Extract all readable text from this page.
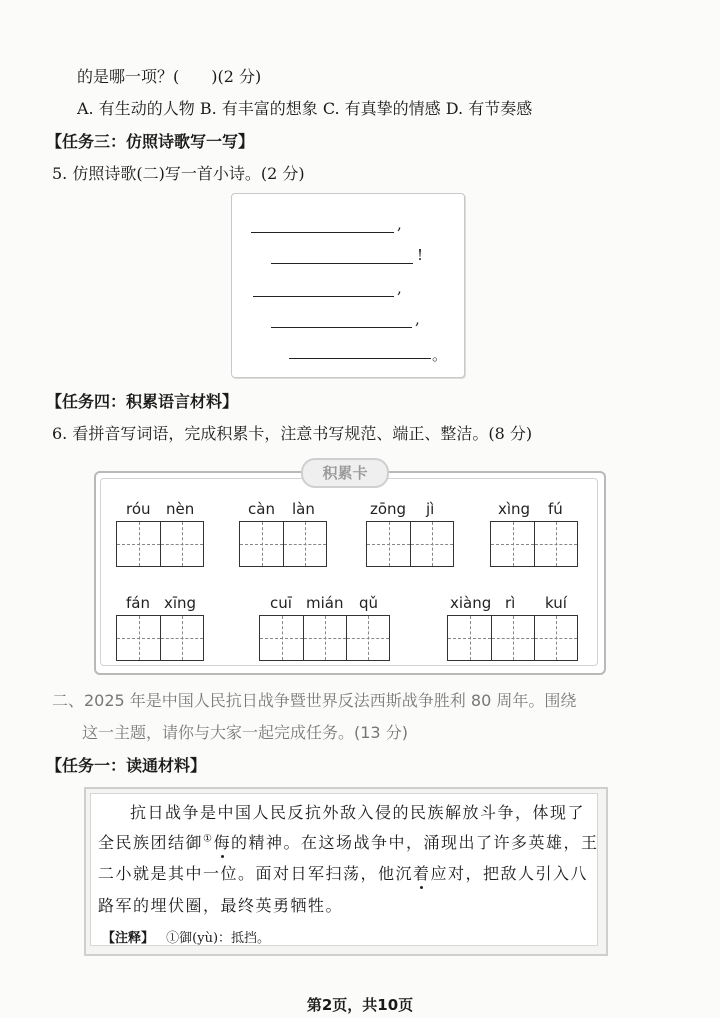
的是哪一项？(　　)(2 分)
A. 有生动的人物 B. 有丰富的想象 C. 有真挚的情感 D. 有节奏感
【任务三：仿照诗歌写一写】
5. 仿照诗歌(二)写一首小诗。(2 分)
,
!
,
,
。
【任务四：积累语言材料】
6. 看拼音写词语，完成积累卡，注意书写规范、端正、整洁。(8 分)
积累卡
róu nèn	càn làn	zōng jì	xìng fú
fán xīng	cuī mián qǔ	xiàng rì kuí
二、2025 年是中国人民抗日战争暨世界反法西斯战争胜利 80 周年。围绕
这一主题，请你与大家一起完成任务。(13 分)
【任务一：读通材料】
抗日战争是中国人民反抗外敌入侵的民族解放斗争，体现了
全民族团结御①侮的精神。在这场战争中，涌现出了许多英雄，王
二小就是其中一位。面对日军扫荡，他沉着应对，把敌人引入八
路军的埋伏圈，最终英勇牺牲。
【注释】 ①御(yù)：抵挡。
第2页，共10页
